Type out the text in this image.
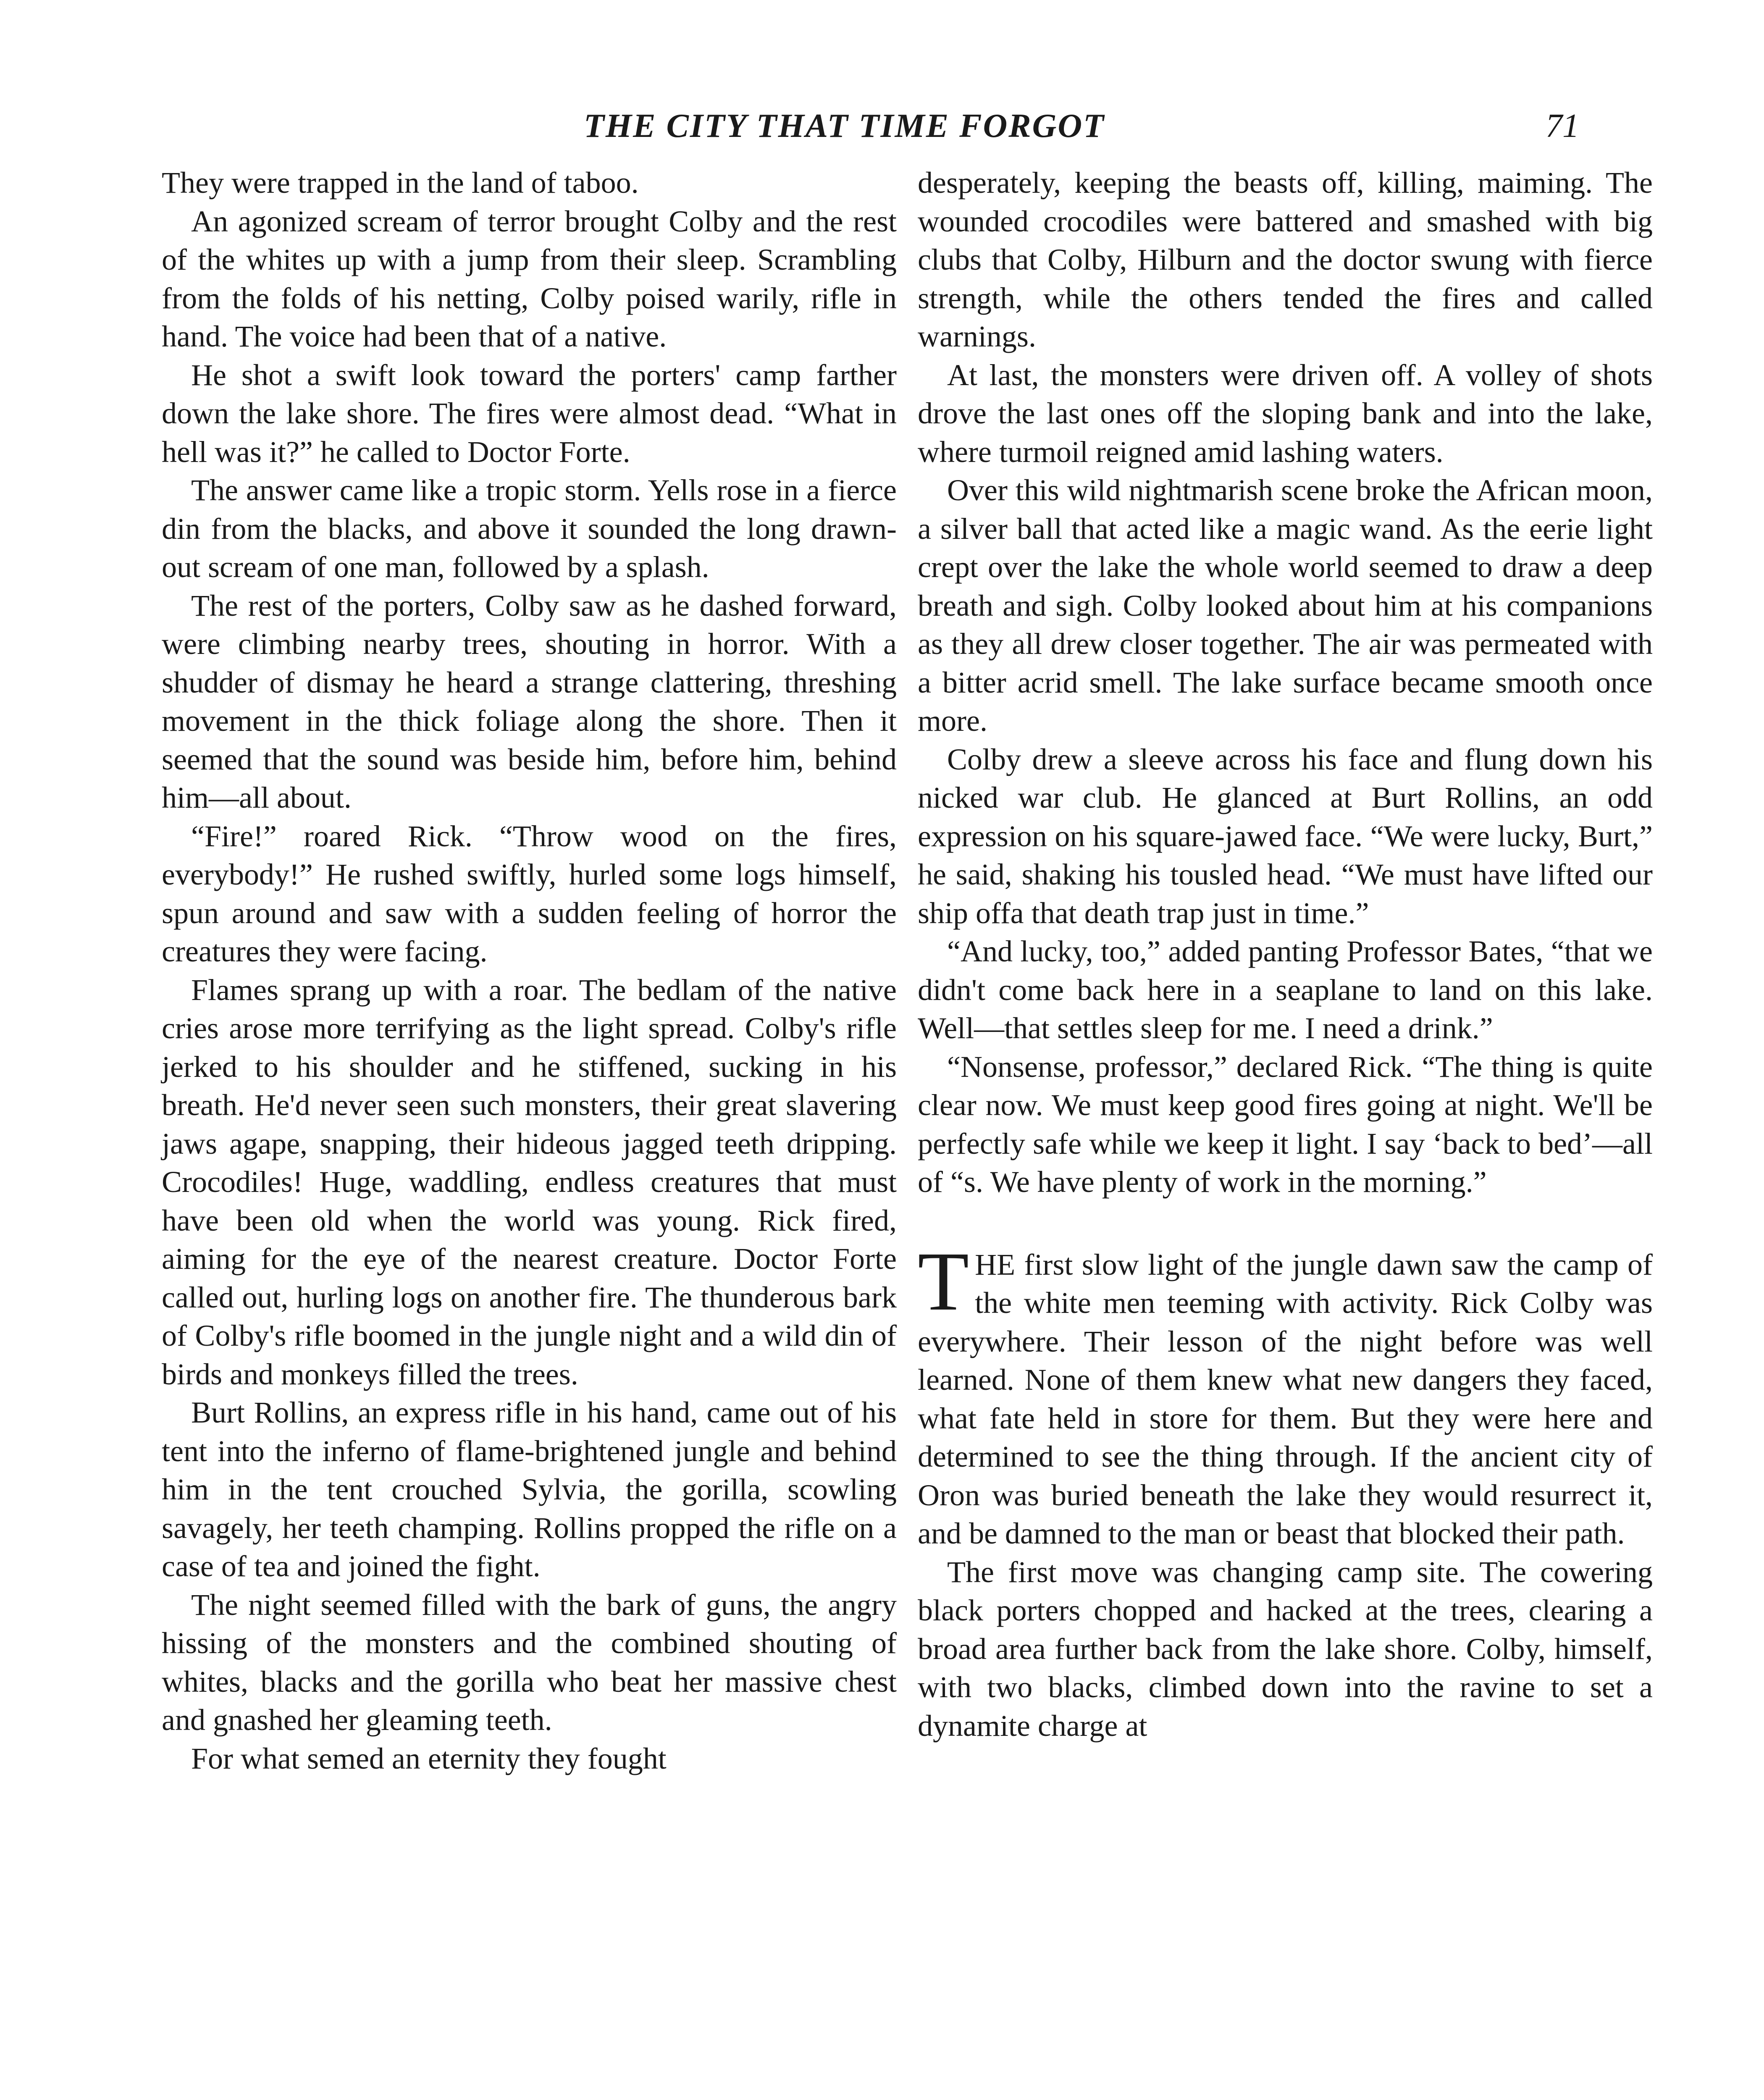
THE CITY THAT TIME FORGOT	71

They were trapped in the land of taboo.

An agonized scream of terror brought Colby and the rest of the whites up with a jump from their sleep. Scrambling from the folds of his netting, Colby poised warily, rifle in hand. The voice had been that of a native.

He shot a swift look toward the porters' camp farther down the lake shore. The fires were almost dead. “What in hell was it?” he called to Doctor Forte.

The answer came like a tropic storm. Yells rose in a fierce din from the blacks, and above it sounded the long drawn-out scream of one man, followed by a splash.

The rest of the porters, Colby saw as he dashed forward, were climbing nearby trees, shouting in horror. With a shudder of dismay he heard a strange clattering, threshing movement in the thick foliage along the shore. Then it seemed that the sound was beside him, before him, behind him—all about.

“Fire!” roared Rick. “Throw wood on the fires, everybody!” He rushed swiftly, hurled some logs himself, spun around and saw with a sudden feeling of horror the creatures they were facing.

Flames sprang up with a roar. The bedlam of the native cries arose more terrifying as the light spread. Colby's rifle jerked to his shoulder and he stiffened, sucking in his breath. He'd never seen such monsters, their great slavering jaws agape, snapping, their hideous jagged teeth dripping. Crocodiles! Huge, waddling, endless creatures that must have been old when the world was young. Rick fired, aiming for the eye of the nearest creature. Doctor Forte called out, hurling logs on another fire. The thunderous bark of Colby's rifle boomed in the jungle night and a wild din of birds and monkeys filled the trees.

Burt Rollins, an express rifle in his hand, came out of his tent into the inferno of flame-brightened jungle and behind him in the tent crouched Sylvia, the gorilla, scowling savagely, her teeth champing. Rollins propped the rifle on a case of tea and joined the fight.

The night seemed filled with the bark of guns, the angry hissing of the monsters and the combined shouting of whites, blacks and the gorilla who beat her massive chest and gnashed her gleaming teeth.

For what semed an eternity they fought

desperately, keeping the beasts off, killing, maiming. The wounded crocodiles were battered and smashed with big clubs that Colby, Hilburn and the doctor swung with fierce strength, while the others tended the fires and called warnings.

At last, the monsters were driven off. A volley of shots drove the last ones off the sloping bank and into the lake, where turmoil reigned amid lashing waters.

Over this wild nightmarish scene broke the African moon, a silver ball that acted like a magic wand. As the eerie light crept over the lake the whole world seemed to draw a deep breath and sigh. Colby looked about him at his companions as they all drew closer together. The air was permeated with a bitter acrid smell. The lake surface became smooth once more.

Colby drew a sleeve across his face and flung down his nicked war club. He glanced at Burt Rollins, an odd expression on his square-jawed face. “We were lucky, Burt,” he said, shaking his tousled head. “We must have lifted our ship offa that death trap just in time.”

“And lucky, too,” added panting Professor Bates, “that we didn't come back here in a seaplane to land on this lake. Well—that settles sleep for me. I need a drink.”

“Nonsense, professor,” declared Rick. “The thing is quite clear now. We must keep good fires going at night. We'll be perfectly safe while we keep it light. I say ‘back to bed’—all of “s. We have plenty of work in the morning.”

THE first slow light of the jungle dawn saw the camp of the white men teeming with activity. Rick Colby was everywhere. Their lesson of the night before was well learned. None of them knew what new dangers they faced, what fate held in store for them. But they were here and determined to see the thing through. If the ancient city of Oron was buried beneath the lake they would resurrect it, and be damned to the man or beast that blocked their path.

The first move was changing camp site. The cowering black porters chopped and hacked at the trees, clearing a broad area further back from the lake shore. Colby, himself, with two blacks, climbed down into the ravine to set a dynamite charge at
